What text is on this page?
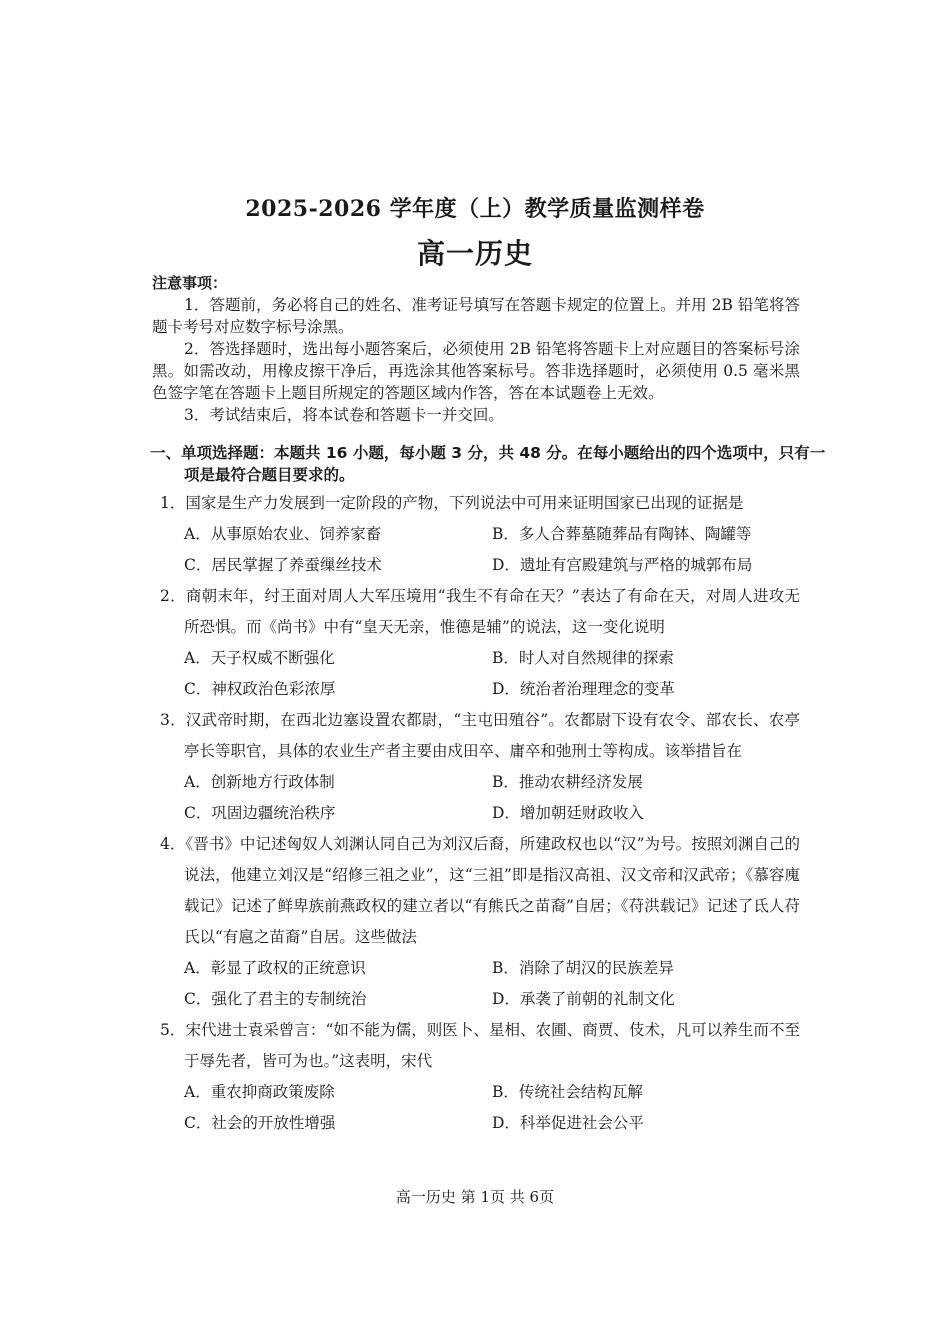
2025-2026 学年度（上）教学质量监测样卷
高一历史
注意事项：
1．答题前，务必将自己的姓名、准考证号填写在答题卡规定的位置上。并用 2B 铅笔将答题卡考号对应数字标号涂黑。
2．答选择题时，选出每小题答案后，必须使用 2B 铅笔将答题卡上对应题目的答案标号涂黑。如需改动，用橡皮擦干净后，再选涂其他答案标号。答非选择题时，必须使用 0.5 毫米黑色签字笔在答题卡上题目所规定的答题区域内作答，答在本试题卷上无效。
3．考试结束后，将本试卷和答题卡一并交回。
一、单项选择题：本题共 16 小题，每小题 3 分，共 48 分。在每小题给出的四个选项中，只有一项是最符合题目要求的。
1．国家是生产力发展到一定阶段的产物，下列说法中可用来证明国家已出现的证据是
A．从事原始农业、饲养家畜	B．多人合葬墓随葬品有陶钵、陶罐等
C．居民掌握了养蚕缫丝技术	D．遗址有宫殿建筑与严格的城郭布局
2．商朝末年，纣王面对周人大军压境用“我生不有命在天？”表达了有命在天，对周人进攻无所恐惧。而《尚书》中有“皇天无亲，惟德是辅”的说法，这一变化说明
A．天子权威不断强化	B．时人对自然规律的探索
C．神权政治色彩浓厚	D．统治者治理理念的变革
3．汉武帝时期，在西北边塞设置农都尉，“主屯田殖谷”。农都尉下设有农令、部农长、农亭亭长等职官，具体的农业生产者主要由戍田卒、庸卒和弛刑士等构成。该举措旨在
A．创新地方行政体制	B．推动农耕经济发展
C．巩固边疆统治秩序	D．增加朝廷财政收入
4．《晋书》中记述匈奴人刘渊认同自己为刘汉后裔，所建政权也以“汉”为号。按照刘渊自己的说法，他建立刘汉是“绍修三祖之业”，这“三祖”即是指汉高祖、汉文帝和汉武帝；《慕容廆载记》记述了鲜卑族前燕政权的建立者以“有熊氏之苗裔”自居；《苻洪载记》记述了氐人苻氏以“有扈之苗裔”自居。这些做法
A．彰显了政权的正统意识	B．消除了胡汉的民族差异
C．强化了君主的专制统治	D．承袭了前朝的礼制文化
5．宋代进士袁采曾言：“如不能为儒，则医卜、星相、农圃、商贾、伎术，凡可以养生而不至于辱先者，皆可为也。”这表明，宋代
A．重农抑商政策废除	B．传统社会结构瓦解
C．社会的开放性增强	D．科举促进社会公平
高一历史 第 1页 共 6页
